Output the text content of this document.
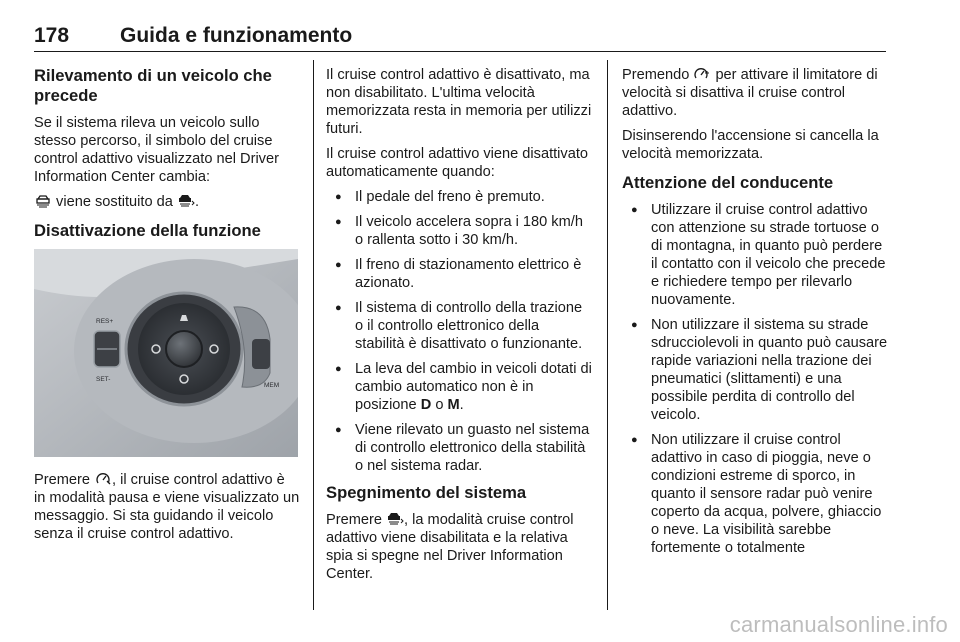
178 Guida e funzionamento
Rilevamento di un veicolo che precede

Se il sistema rileva un veicolo sullo stesso percorso, il simbolo del cruise control adattivo visualizzato nel Driver Information Center cambia:

viene sostituito da .

Disattivazione della funzione
RES+
SET-
MEM

Premere , il cruise control adattivo è in modalità pausa e viene visualizzato un messaggio. Si sta guidando il veicolo senza il cruise control adattivo.

Il cruise control adattivo è disattivato, ma non disabilitato. L'ultima velocità memorizzata resta in memoria per utilizzi futuri.

Il cruise control adattivo viene disattivato automaticamente quando:

● Il pedale del freno è premuto.
● Il veicolo accelera sopra i 180 km/h o rallenta sotto i 30 km/h.
● Il freno di stazionamento elettrico è azionato.
● Il sistema di controllo della trazione o il controllo elettronico della stabilità è disattivato o funzionante.
● La leva del cambio in veicoli dotati di cambio automatico non è in posizione D o M.
● Viene rilevato un guasto nel sistema di controllo elettronico della stabilità o nel sistema radar.
Spegnimento del sistema

Premere , la modalità cruise control adattivo viene disabilitata e la relativa spia si spegne nel Driver Information Center.

Premendo  per attivare il limitatore di velocità si disattiva il cruise control adattivo.

Disinserendo l'accensione si cancella la velocità memorizzata.

Attenzione del conducente
● Utilizzare il cruise control adattivo con attenzione su strade tortuose o di montagna, in quanto può perdere il contatto con il veicolo che precede e richiedere tempo per rilevarlo nuovamente.
● Non utilizzare il sistema su strade sdrucciolevoli in quanto può causare rapide variazioni nella trazione dei pneumatici (slittamenti) e una possibile perdita di controllo del veicolo.
● Non utilizzare il cruise control adattivo in caso di pioggia, neve o condizioni estreme di sporco, in quanto il sensore radar può venire coperto da acqua, polvere, ghiaccio o neve. La visibilità sarebbe fortemente o totalmente
carmanualsonline.info
